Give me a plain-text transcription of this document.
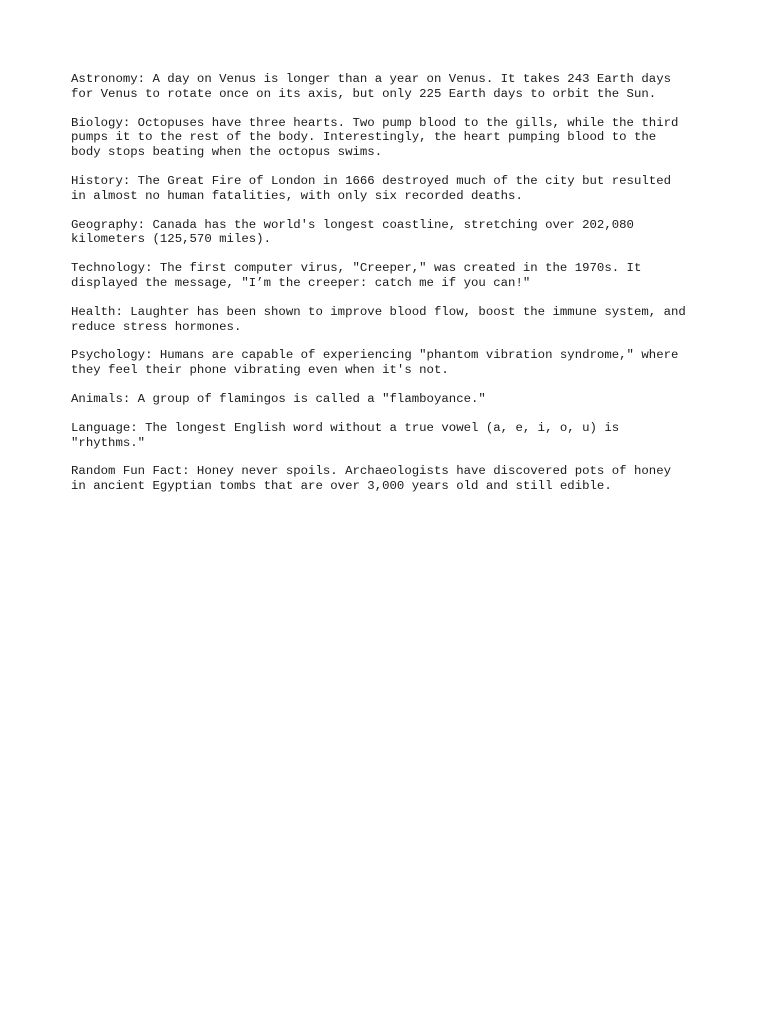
Astronomy: A day on Venus is longer than a year on Venus. It takes 243 Earth days
for Venus to rotate once on its axis, but only 225 Earth days to orbit the Sun.
Biology: Octopuses have three hearts. Two pump blood to the gills, while the third
pumps it to the rest of the body. Interestingly, the heart pumping blood to the
body stops beating when the octopus swims.
History: The Great Fire of London in 1666 destroyed much of the city but resulted
in almost no human fatalities, with only six recorded deaths.
Geography: Canada has the world's longest coastline, stretching over 202,080
kilometers (125,570 miles).
Technology: The first computer virus, "Creeper," was created in the 1970s. It
displayed the message, "I’m the creeper: catch me if you can!"
Health: Laughter has been shown to improve blood flow, boost the immune system, and
reduce stress hormones.
Psychology: Humans are capable of experiencing "phantom vibration syndrome," where
they feel their phone vibrating even when it's not.
Animals: A group of flamingos is called a "flamboyance."
Language: The longest English word without a true vowel (a, e, i, o, u) is
"rhythms."
Random Fun Fact: Honey never spoils. Archaeologists have discovered pots of honey
in ancient Egyptian tombs that are over 3,000 years old and still edible.
